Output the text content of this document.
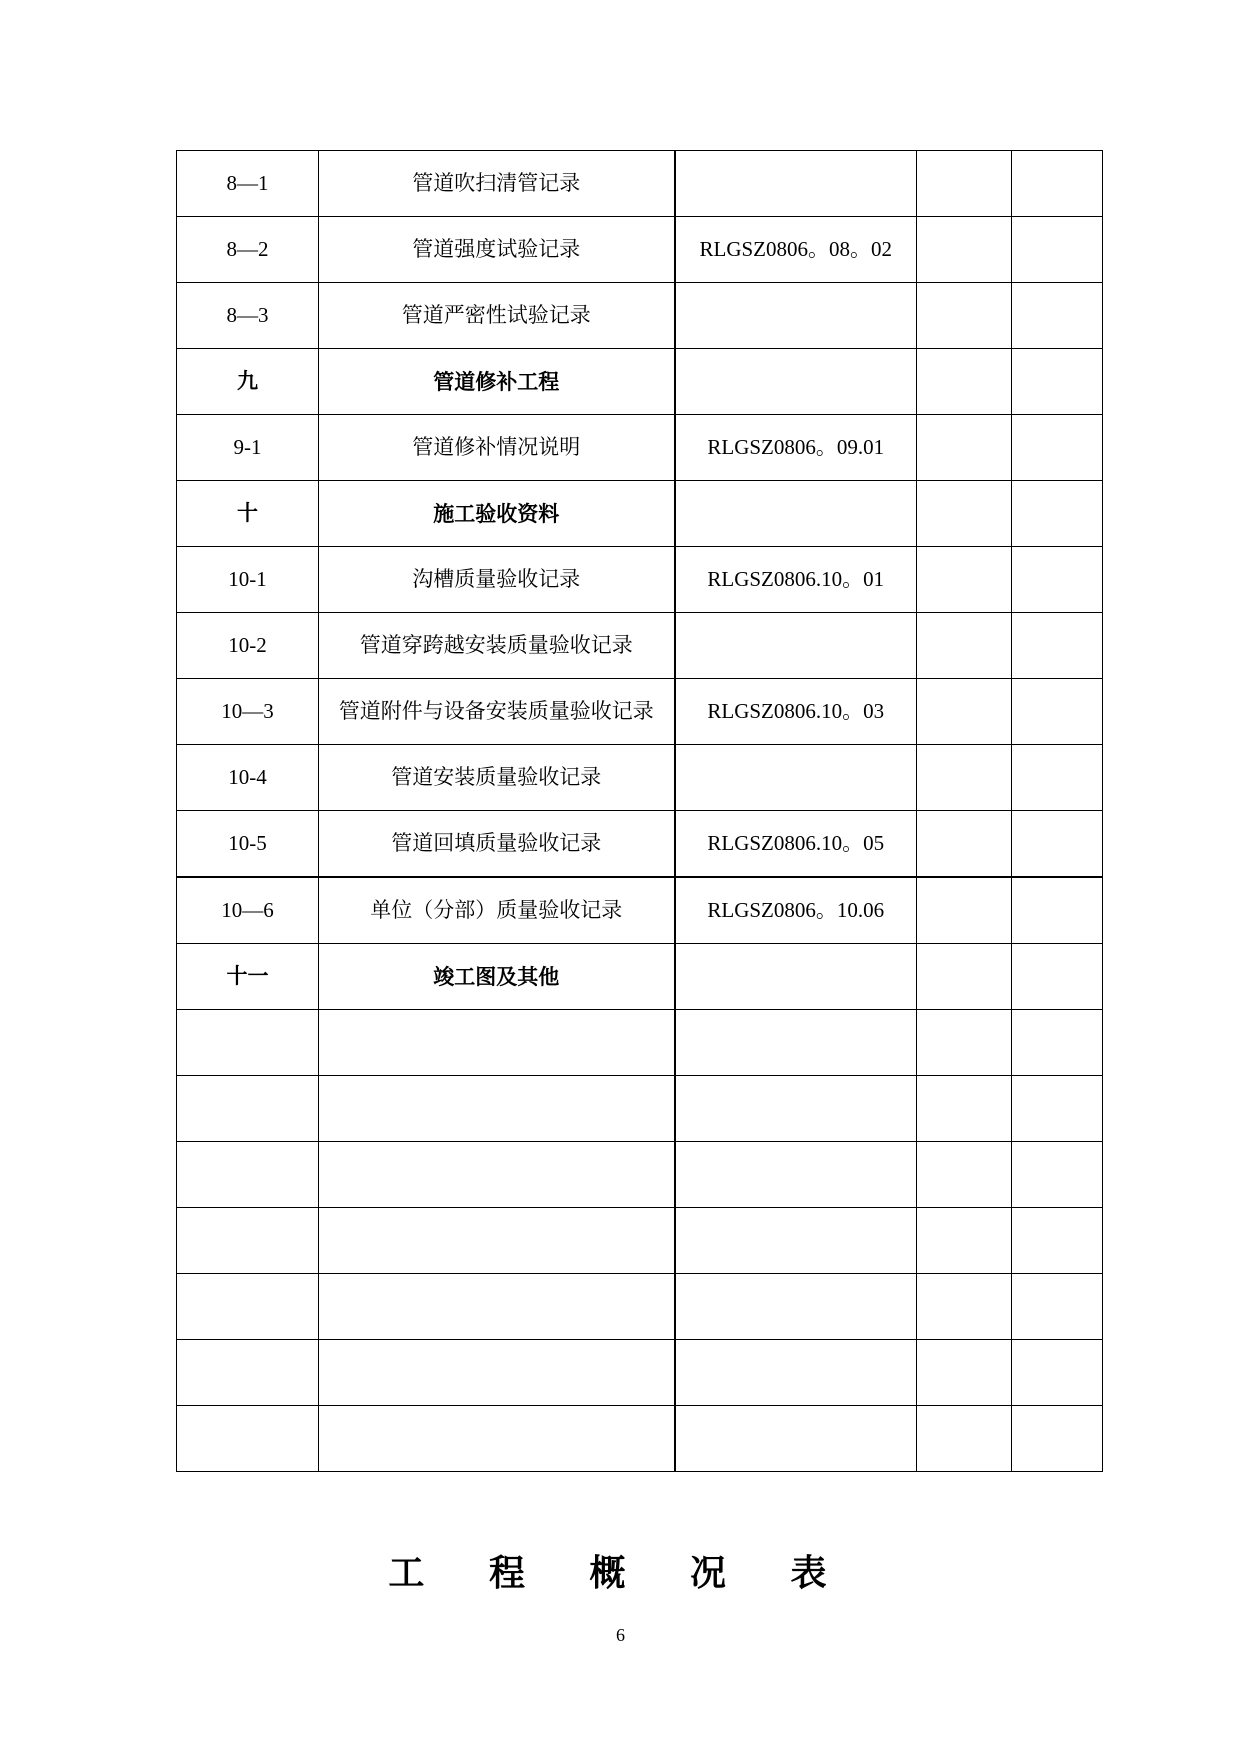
8—1	管道吹扫清管记录			
8—2	管道强度试验记录	RLGSZ0806。08。02		
8—3	管道严密性试验记录			
九	管道修补工程			
9-1	管道修补情况说明	RLGSZ0806。09.01		
十	施工验收资料			
10-1	沟槽质量验收记录	RLGSZ0806.10。01		
10-2	管道穿跨越安装质量验收记录			
10—3	管道附件与设备安装质量验收记录	RLGSZ0806.10。03		
10-4	管道安装质量验收记录			
10-5	管道回填质量验收记录	RLGSZ0806.10。05		
10—6	单位（分部）质量验收记录	RLGSZ0806。10.06		
十一	竣工图及其他			

工 程 概 况 表
6
